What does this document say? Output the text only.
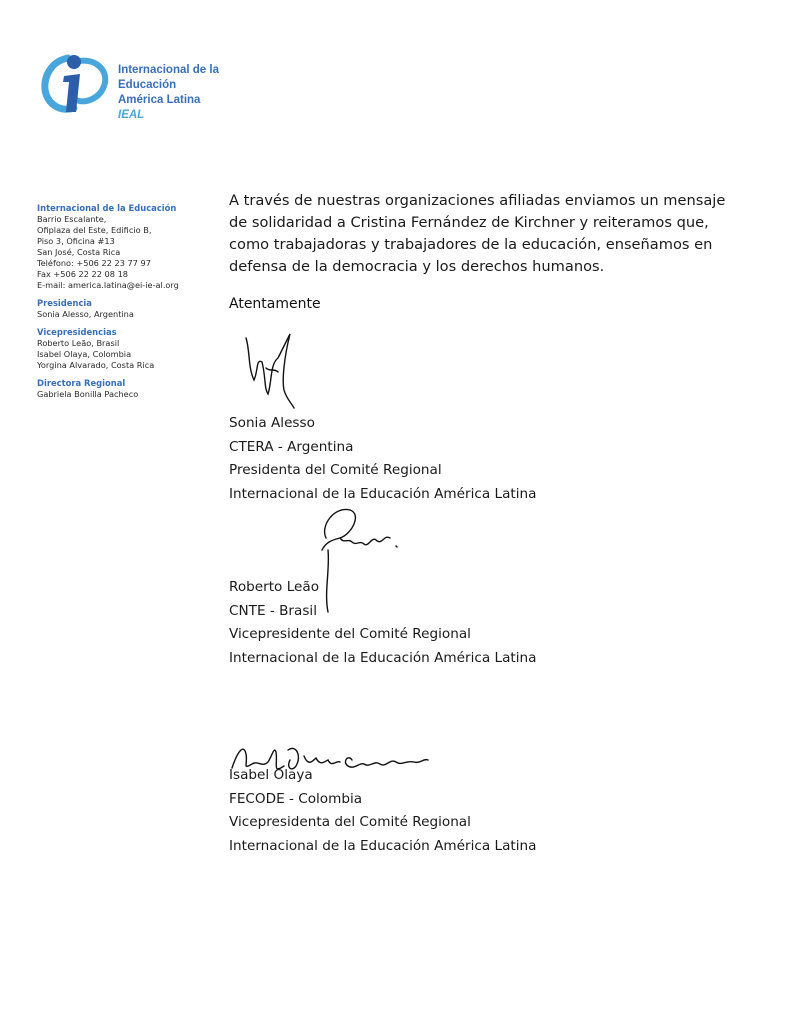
Internacional de la Educación
América Latina
IEAL
Internacional de la Educación
Barrio Escalante,
Ofiplaza del Este, Edificio B,
Piso 3, Oficina #13
San José, Costa Rica
Teléfono: +506 22 23 77 97
Fax +506 22 22 08 18
E-mail: america.latina@ei-ie-al.org
Presidencia
Sonia Alesso, Argentina
Vicepresidencias
Roberto Leão, Brasil
Isabel Olaya, Colombia
Yorgina Alvarado, Costa Rica
Directora Regional
Gabriela Bonilla Pacheco

A través de nuestras organizaciones afiliadas enviamos un mensaje de solidaridad a Cristina Fernández de Kirchner y reiteramos que, como trabajadoras y trabajadores de la educación, enseñamos en defensa de la democracia y los derechos humanos.

Atentamente
Sonia Alesso
CTERA - Argentina
Presidenta del Comité Regional
Internacional de la Educación América Latina
Roberto Leão
CNTE - Brasil
Vicepresidente del Comité Regional
Internacional de la Educación América Latina
Isabel Olaya
FECODE - Colombia
Vicepresidenta del Comité Regional
Internacional de la Educación América Latina
